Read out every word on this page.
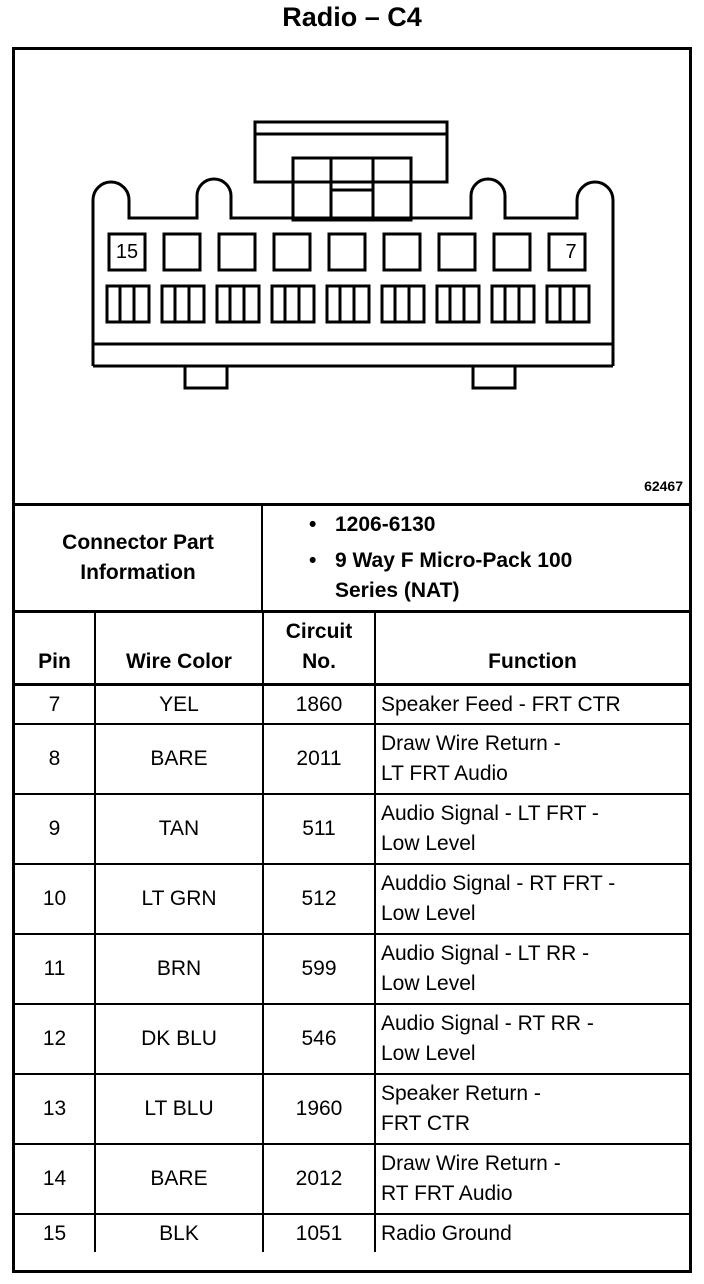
Radio – C4
15	7
62467
Connector Part
Information
• 1206-6130
• 9 Way F Micro-Pack 100
Series (NAT)
Pin	Wire Color	Circuit
No.	Function
7	YEL	1860	Speaker Feed - FRT CTR

8	BARE	2011	Draw Wire Return -
LT FRT Audio

9	TAN	511	Audio Signal - LT FRT -
Low Level

10	LT GRN	512	Auddio Signal - RT FRT -
Low Level

11	BRN	599	Audio Signal - LT RR -
Low Level

12	DK BLU	546	Audio Signal - RT RR -
Low Level

13	LT BLU	1960	Speaker Return -
FRT CTR

14	BARE	2012	Draw Wire Return -
RT FRT Audio

15	BLK	1051	Radio Ground
